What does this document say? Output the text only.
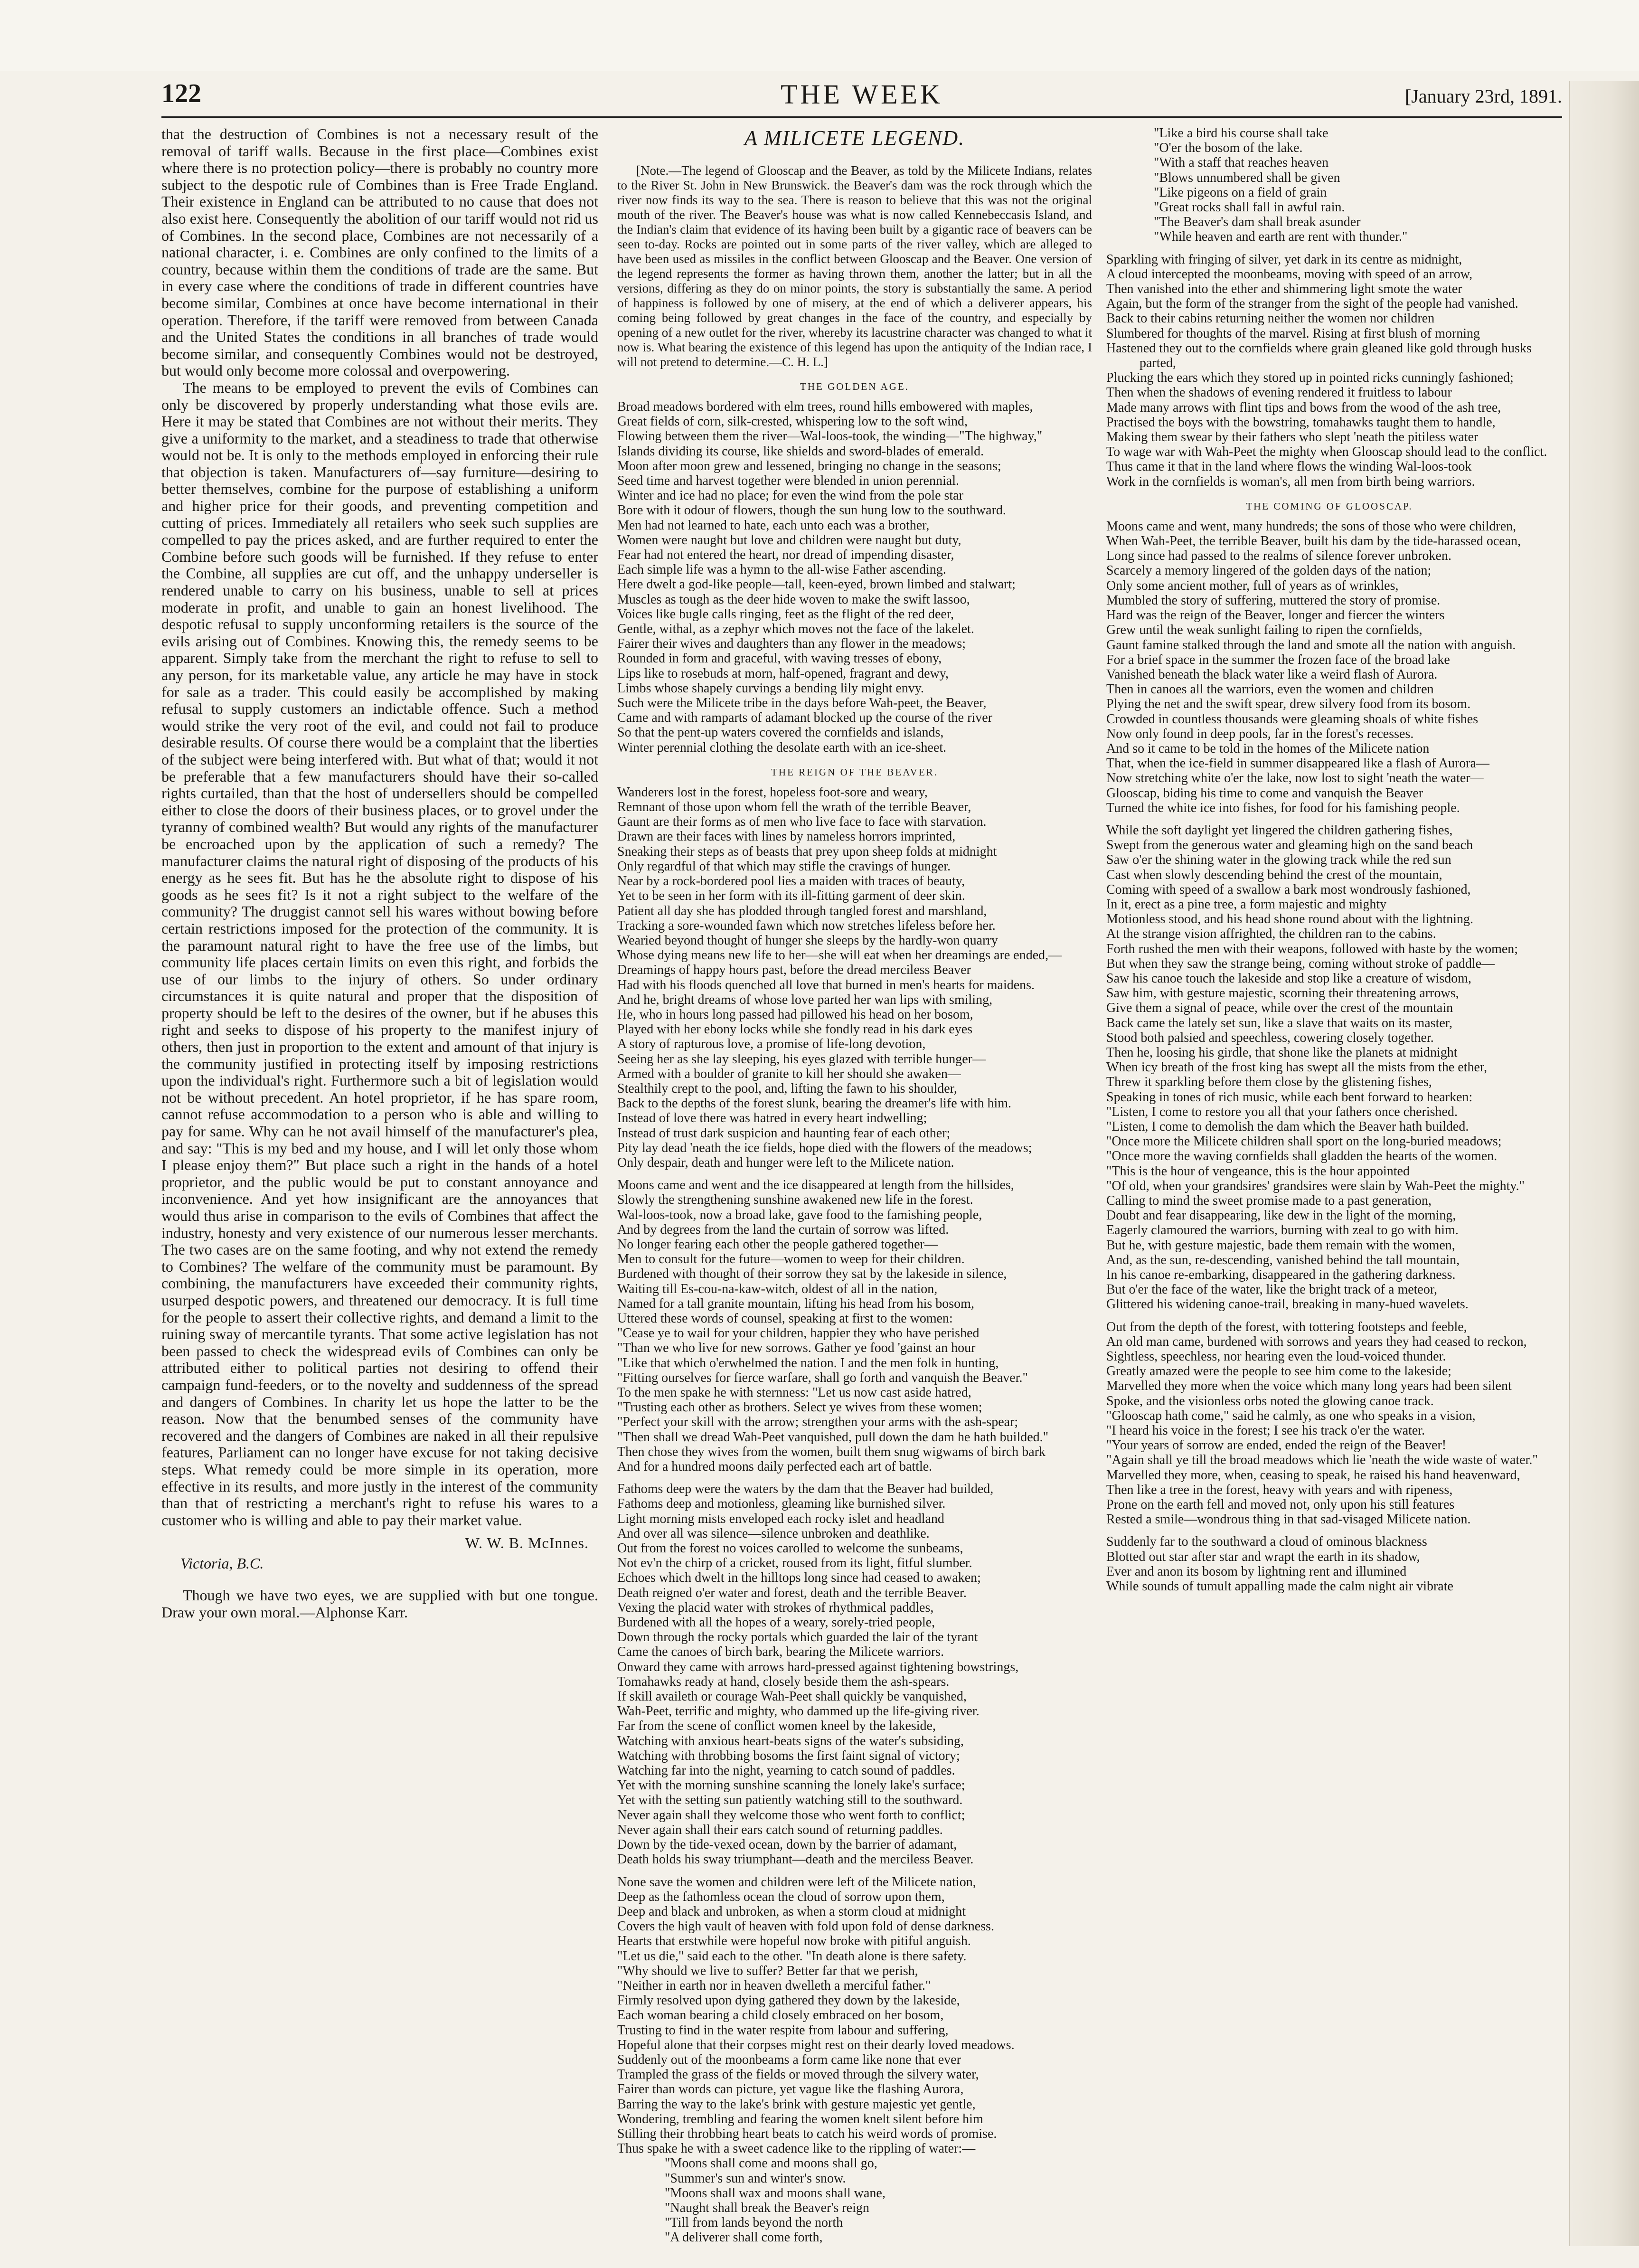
122	THE WEEK	[January 23rd, 1891.

that the destruction of Combines is not a necessary result of the removal of tariff walls. Because in the first place—Combines exist where there is no protection policy—there is probably no country more subject to the despotic rule of Combines than is Free Trade England. Their existence in England can be attributed to no cause that does not also exist here. Consequently the abolition of our tariff would not rid us of Combines. In the second place, Combines are not necessarily of a national character, i. e. Combines are only confined to the limits of a country, because within them the conditions of trade are the same. But in every case where the conditions of trade in different countries have become similar, Combines at once have become international in their operation. Therefore, if the tariff were removed from between Canada and the United States the conditions in all branches of trade would become similar, and consequently Combines would not be destroyed, but would only become more colossal and overpowering.

The means to be employed to prevent the evils of Combines can only be discovered by properly understanding what those evils are. Here it may be stated that Combines are not without their merits. They give a uniformity to the market, and a steadiness to trade that otherwise would not be. It is only to the methods employed in enforcing their rule that objection is taken. Manufacturers of—say furniture—desiring to better themselves, combine for the purpose of establishing a uniform and higher price for their goods, and preventing competition and cutting of prices. Immediately all retailers who seek such supplies are compelled to pay the prices asked, and are further required to enter the Combine before such goods will be furnished. If they refuse to enter the Combine, all supplies are cut off, and the unhappy underseller is rendered unable to carry on his business, unable to sell at prices moderate in profit, and unable to gain an honest livelihood. The despotic refusal to supply unconforming retailers is the source of the evils arising out of Combines. Knowing this, the remedy seems to be apparent. Simply take from the merchant the right to refuse to sell to any person, for its marketable value, any article he may have in stock for sale as a trader. This could easily be accomplished by making refusal to supply customers an indictable offence. Such a method would strike the very root of the evil, and could not fail to produce desirable results. Of course there would be a complaint that the liberties of the subject were being interfered with. But what of that; would it not be preferable that a few manufacturers should have their so-called rights curtailed, than that the host of undersellers should be compelled either to close the doors of their business places, or to grovel under the tyranny of combined wealth? But would any rights of the manufacturer be encroached upon by the application of such a remedy? The manufacturer claims the natural right of disposing of the products of his energy as he sees fit. But has he the absolute right to dispose of his goods as he sees fit? Is it not a right subject to the welfare of the community? The druggist cannot sell his wares without bowing before certain restrictions imposed for the protection of the community. It is the paramount natural right to have the free use of the limbs, but community life places certain limits on even this right, and forbids the use of our limbs to the injury of others. So under ordinary circumstances it is quite natural and proper that the disposition of property should be left to the desires of the owner, but if he abuses this right and seeks to dispose of his property to the manifest injury of others, then just in proportion to the extent and amount of that injury is the community justified in protecting itself by imposing restrictions upon the individual's right. Furthermore such a bit of legislation would not be without precedent. An hotel proprietor, if he has spare room, cannot refuse accommodation to a person who is able and willing to pay for same. Why can he not avail himself of the manufacturer's plea, and say: "This is my bed and my house, and I will let only those whom I please enjoy them?" But place such a right in the hands of a hotel proprietor, and the public would be put to constant annoyance and inconvenience. And yet how insignificant are the annoyances that would thus arise in comparison to the evils of Combines that affect the industry, honesty and very existence of our numerous lesser merchants. The two cases are on the same footing, and why not extend the remedy to Combines? The welfare of the community must be paramount. By combining, the manufacturers have exceeded their community rights, usurped despotic powers, and threatened our democracy. It is full time for the people to assert their collective rights, and demand a limit to the ruining sway of mercantile tyrants. That some active legislation has not been passed to check the widespread evils of Combines can only be attributed either to political parties not desiring to offend their campaign fund-feeders, or to the novelty and suddenness of the spread and dangers of Combines. In charity let us hope the latter to be the reason. Now that the benumbed senses of the community have recovered and the dangers of Combines are naked in all their repulsive features, Parliament can no longer have excuse for not taking decisive steps. What remedy could be more simple in its operation, more effective in its results, and more justly in the interest of the community than that of restricting a merchant's right to refuse his wares to a customer who is willing and able to pay their market value.

W. W. B. McInnes.
Victoria, B.C.

Though we have two eyes, we are supplied with but one tongue. Draw your own moral.—Alphonse Karr.

A MILICETE LEGEND.

[Note.—The legend of Glooscap and the Beaver, as told by the Milicete Indians, relates to the River St. John in New Brunswick. the Beaver's dam was the rock through which the river now finds its way to the sea. There is reason to believe that this was not the original mouth of the river. The Beaver's house was what is now called Kennebeccasis Island, and the Indian's claim that evidence of its having been built by a gigantic race of beavers can be seen to-day. Rocks are pointed out in some parts of the river valley, which are alleged to have been used as missiles in the conflict between Glooscap and the Beaver. One version of the legend represents the former as having thrown them, another the latter; but in all the versions, differing as they do on minor points, the story is substantially the same. A period of happiness is followed by one of misery, at the end of which a deliverer appears, his coming being followed by great changes in the face of the country, and especially by opening of a new outlet for the river, whereby its lacustrine character was changed to what it now is. What bearing the existence of this legend has upon the antiquity of the Indian race, I will not pretend to determine.—C. H. L.]

THE GOLDEN AGE.

Broad meadows bordered with elm trees, round hills embowered with maples,

Great fields of corn, silk-crested, whispering low to the soft wind,

Flowing between them the river—Wal-loos-took, the winding—"The highway,"

Islands dividing its course, like shields and sword-blades of emerald.

Moon after moon grew and lessened, bringing no change in the seasons;

Seed time and harvest together were blended in union perennial.

Winter and ice had no place; for even the wind from the pole star

Bore with it odour of flowers, though the sun hung low to the southward.

Men had not learned to hate, each unto each was a brother,

Women were naught but love and children were naught but duty,

Fear had not entered the heart, nor dread of impending disaster,

Each simple life was a hymn to the all-wise Father ascending.

Here dwelt a god-like people—tall, keen-eyed, brown limbed and stalwart;

Muscles as tough as the deer hide woven to make the swift lassoo,

Voices like bugle calls ringing, feet as the flight of the red deer,

Gentle, withal, as a zephyr which moves not the face of the lakelet.

Fairer their wives and daughters than any flower in the meadows;

Rounded in form and graceful, with waving tresses of ebony,

Lips like to rosebuds at morn, half-opened, fragrant and dewy,

Limbs whose shapely curvings a bending lily might envy.

Such were the Milicete tribe in the days before Wah-peet, the Beaver,

Came and with ramparts of adamant blocked up the course of the river

So that the pent-up waters covered the cornfields and islands,

Winter perennial clothing the desolate earth with an ice-sheet.

THE REIGN OF THE BEAVER.

Wanderers lost in the forest, hopeless foot-sore and weary,

Remnant of those upon whom fell the wrath of the terrible Beaver,

Gaunt are their forms as of men who live face to face with starvation.

Drawn are their faces with lines by nameless horrors imprinted,

Sneaking their steps as of beasts that prey upon sheep folds at midnight

Only regardful of that which may stifle the cravings of hunger.

Near by a rock-bordered pool lies a maiden with traces of beauty,

Yet to be seen in her form with its ill-fitting garment of deer skin.

Patient all day she has plodded through tangled forest and marshland,

Tracking a sore-wounded fawn which now stretches lifeless before her.

Wearied beyond thought of hunger she sleeps by the hardly-won quarry

Whose dying means new life to her—she will eat when her dreamings are ended,—

Dreamings of happy hours past, before the dread merciless Beaver

Had with his floods quenched all love that burned in men's hearts for maidens.

And he, bright dreams of whose love parted her wan lips with smiling,

He, who in hours long passed had pillowed his head on her bosom,

Played with her ebony locks while she fondly read in his dark eyes

A story of rapturous love, a promise of life-long devotion,

Seeing her as she lay sleeping, his eyes glazed with terrible hunger—

Armed with a boulder of granite to kill her should she awaken—

Stealthily crept to the pool, and, lifting the fawn to his shoulder,

Back to the depths of the forest slunk, bearing the dreamer's life with him.

Instead of love there was hatred in every heart indwelling;

Instead of trust dark suspicion and haunting fear of each other;

Pity lay dead 'neath the ice fields, hope died with the flowers of the meadows;

Only despair, death and hunger were left to the Milicete nation.

Moons came and went and the ice disappeared at length from the hillsides,

Slowly the strengthening sunshine awakened new life in the forest.

Wal-loos-took, now a broad lake, gave food to the famishing people,

And by degrees from the land the curtain of sorrow was lifted.

No longer fearing each other the people gathered together—

Men to consult for the future—women to weep for their children.

Burdened with thought of their sorrow they sat by the lakeside in silence,

Waiting till Es-cou-na-kaw-witch, oldest of all in the nation,

Named for a tall granite mountain, lifting his head from his bosom,

Uttered these words of counsel, speaking at first to the women:

"Cease ye to wail for your children, happier they who have perished

"Than we who live for new sorrows. Gather ye food 'gainst an hour

"Like that which o'erwhelmed the nation. I and the men folk in hunting,

"Fitting ourselves for fierce warfare, shall go forth and vanquish the Beaver."

To the men spake he with sternness: "Let us now cast aside hatred,

"Trusting each other as brothers. Select ye wives from these women;

"Perfect your skill with the arrow; strengthen your arms with the ash-spear;

"Then shall we dread Wah-Peet vanquished, pull down the dam he hath builded."

Then chose they wives from the women, built them snug wigwams of birch bark

And for a hundred moons daily perfected each art of battle.

Fathoms deep were the waters by the dam that the Beaver had builded,

Fathoms deep and motionless, gleaming like burnished silver.

Light morning mists enveloped each rocky islet and headland

And over all was silence—silence unbroken and deathlike.

Out from the forest no voices carolled to welcome the sunbeams,

Not ev'n the chirp of a cricket, roused from its light, fitful slumber.

Echoes which dwelt in the hilltops long since had ceased to awaken;

Death reigned o'er water and forest, death and the terrible Beaver.

Vexing the placid water with strokes of rhythmical paddles,

Burdened with all the hopes of a weary, sorely-tried people,

Down through the rocky portals which guarded the lair of the tyrant

Came the canoes of birch bark, bearing the Milicete warriors.

Onward they came with arrows hard-pressed against tightening bowstrings,

Tomahawks ready at hand, closely beside them the ash-spears.

If skill availeth or courage Wah-Peet shall quickly be vanquished,

Wah-Peet, terrific and mighty, who dammed up the life-giving river.

Far from the scene of conflict women kneel by the lakeside,

Watching with anxious heart-beats signs of the water's subsiding,

Watching with throbbing bosoms the first faint signal of victory;

Watching far into the night, yearning to catch sound of paddles.

Yet with the morning sunshine scanning the lonely lake's surface;

Yet with the setting sun patiently watching still to the southward.

Never again shall they welcome those who went forth to conflict;

Never again shall their ears catch sound of returning paddles.

Down by the tide-vexed ocean, down by the barrier of adamant,

Death holds his sway triumphant—death and the merciless Beaver.

None save the women and children were left of the Milicete nation,

Deep as the fathomless ocean the cloud of sorrow upon them,

Deep and black and unbroken, as when a storm cloud at midnight

Covers the high vault of heaven with fold upon fold of dense darkness.

Hearts that erstwhile were hopeful now broke with pitiful anguish.

"Let us die," said each to the other. "In death alone is there safety.

"Why should we live to suffer? Better far that we perish,

"Neither in earth nor in heaven dwelleth a merciful father."

Firmly resolved upon dying gathered they down by the lakeside,

Each woman bearing a child closely embraced on her bosom,

Trusting to find in the water respite from labour and suffering,

Hopeful alone that their corpses might rest on their dearly loved meadows.

Suddenly out of the moonbeams a form came like none that ever

Trampled the grass of the fields or moved through the silvery water,

Fairer than words can picture, yet vague like the flashing Aurora,

Barring the way to the lake's brink with gesture majestic yet gentle,

Wondering, trembling and fearing the women knelt silent before him

Stilling their throbbing heart beats to catch his weird words of promise.

Thus spake he with a sweet cadence like to the rippling of water:—

"Moons shall come and moons shall go,

"Summer's sun and winter's snow.

"Moons shall wax and moons shall wane,

"Naught shall break the Beaver's reign

"Till from lands beyond the north

"A deliverer shall come forth,

"Like a bird his course shall take

"O'er the bosom of the lake.

"With a staff that reaches heaven

"Blows unnumbered shall be given

"Like pigeons on a field of grain

"Great rocks shall fall in awful rain.

"The Beaver's dam shall break asunder

"While heaven and earth are rent with thunder."

Sparkling with fringing of silver, yet dark in its centre as midnight,

A cloud intercepted the moonbeams, moving with speed of an arrow,

Then vanished into the ether and shimmering light smote the water

Again, but the form of the stranger from the sight of the people had vanished.

Back to their cabins returning neither the women nor children

Slumbered for thoughts of the marvel. Rising at first blush of morning

Hastened they out to the cornfields where grain gleaned like gold through husks parted,

Plucking the ears which they stored up in pointed ricks cunningly fashioned;

Then when the shadows of evening rendered it fruitless to labour

Made many arrows with flint tips and bows from the wood of the ash tree,

Practised the boys with the bowstring, tomahawks taught them to handle,

Making them swear by their fathers who slept 'neath the pitiless water

To wage war with Wah-Peet the mighty when Glooscap should lead to the conflict.

Thus came it that in the land where flows the winding Wal-loos-took

Work in the cornfields is woman's, all men from birth being warriors.

THE COMING OF GLOOSCAP.

Moons came and went, many hundreds; the sons of those who were children,

When Wah-Peet, the terrible Beaver, built his dam by the tide-harassed ocean,

Long since had passed to the realms of silence forever unbroken.

Scarcely a memory lingered of the golden days of the nation;

Only some ancient mother, full of years as of wrinkles,

Mumbled the story of suffering, muttered the story of promise.

Hard was the reign of the Beaver, longer and fiercer the winters

Grew until the weak sunlight failing to ripen the cornfields,

Gaunt famine stalked through the land and smote all the nation with anguish.

For a brief space in the summer the frozen face of the broad lake

Vanished beneath the black water like a weird flash of Aurora.

Then in canoes all the warriors, even the women and children

Plying the net and the swift spear, drew silvery food from its bosom.

Crowded in countless thousands were gleaming shoals of white fishes

Now only found in deep pools, far in the forest's recesses.

And so it came to be told in the homes of the Milicete nation

That, when the ice-field in summer disappeared like a flash of Aurora—

Now stretching white o'er the lake, now lost to sight 'neath the water—

Glooscap, biding his time to come and vanquish the Beaver

Turned the white ice into fishes, for food for his famishing people.

While the soft daylight yet lingered the children gathering fishes,

Swept from the generous water and gleaming high on the sand beach

Saw o'er the shining water in the glowing track while the red sun

Cast when slowly descending behind the crest of the mountain,

Coming with speed of a swallow a bark most wondrously fashioned,

In it, erect as a pine tree, a form majestic and mighty

Motionless stood, and his head shone round about with the lightning.

At the strange vision affrighted, the children ran to the cabins.

Forth rushed the men with their weapons, followed with haste by the women;

But when they saw the strange being, coming without stroke of paddle—

Saw his canoe touch the lakeside and stop like a creature of wisdom,

Saw him, with gesture majestic, scorning their threatening arrows,

Give them a signal of peace, while over the crest of the mountain

Back came the lately set sun, like a slave that waits on its master,

Stood both palsied and speechless, cowering closely together.

Then he, loosing his girdle, that shone like the planets at midnight

When icy breath of the frost king has swept all the mists from the ether,

Threw it sparkling before them close by the glistening fishes,

Speaking in tones of rich music, while each bent forward to hearken:

"Listen, I come to restore you all that your fathers once cherished.

"Listen, I come to demolish the dam which the Beaver hath builded.

"Once more the Milicete children shall sport on the long-buried meadows;

"Once more the waving cornfields shall gladden the hearts of the women.

"This is the hour of vengeance, this is the hour appointed

"Of old, when your grandsires' grandsires were slain by Wah-Peet the mighty."

Calling to mind the sweet promise made to a past generation,

Doubt and fear disappearing, like dew in the light of the morning,

Eagerly clamoured the warriors, burning with zeal to go with him.

But he, with gesture majestic, bade them remain with the women,

And, as the sun, re-descending, vanished behind the tall mountain,

In his canoe re-embarking, disappeared in the gathering darkness.

But o'er the face of the water, like the bright track of a meteor,

Glittered his widening canoe-trail, breaking in many-hued wavelets.

Out from the depth of the forest, with tottering footsteps and feeble,

An old man came, burdened with sorrows and years they had ceased to reckon,

Sightless, speechless, nor hearing even the loud-voiced thunder.

Greatly amazed were the people to see him come to the lakeside;

Marvelled they more when the voice which many long years had been silent

Spoke, and the visionless orbs noted the glowing canoe track.

"Glooscap hath come," said he calmly, as one who speaks in a vision,

"I heard his voice in the forest; I see his track o'er the water.

"Your years of sorrow are ended, ended the reign of the Beaver!

"Again shall ye till the broad meadows which lie 'neath the wide waste of water."

Marvelled they more, when, ceasing to speak, he raised his hand heavenward,

Then like a tree in the forest, heavy with years and with ripeness,

Prone on the earth fell and moved not, only upon his still features

Rested a smile—wondrous thing in that sad-visaged Milicete nation.

Suddenly far to the southward a cloud of ominous blackness

Blotted out star after star and wrapt the earth in its shadow,

Ever and anon its bosom by lightning rent and illumined

While sounds of tumult appalling made the calm night air vibrate
